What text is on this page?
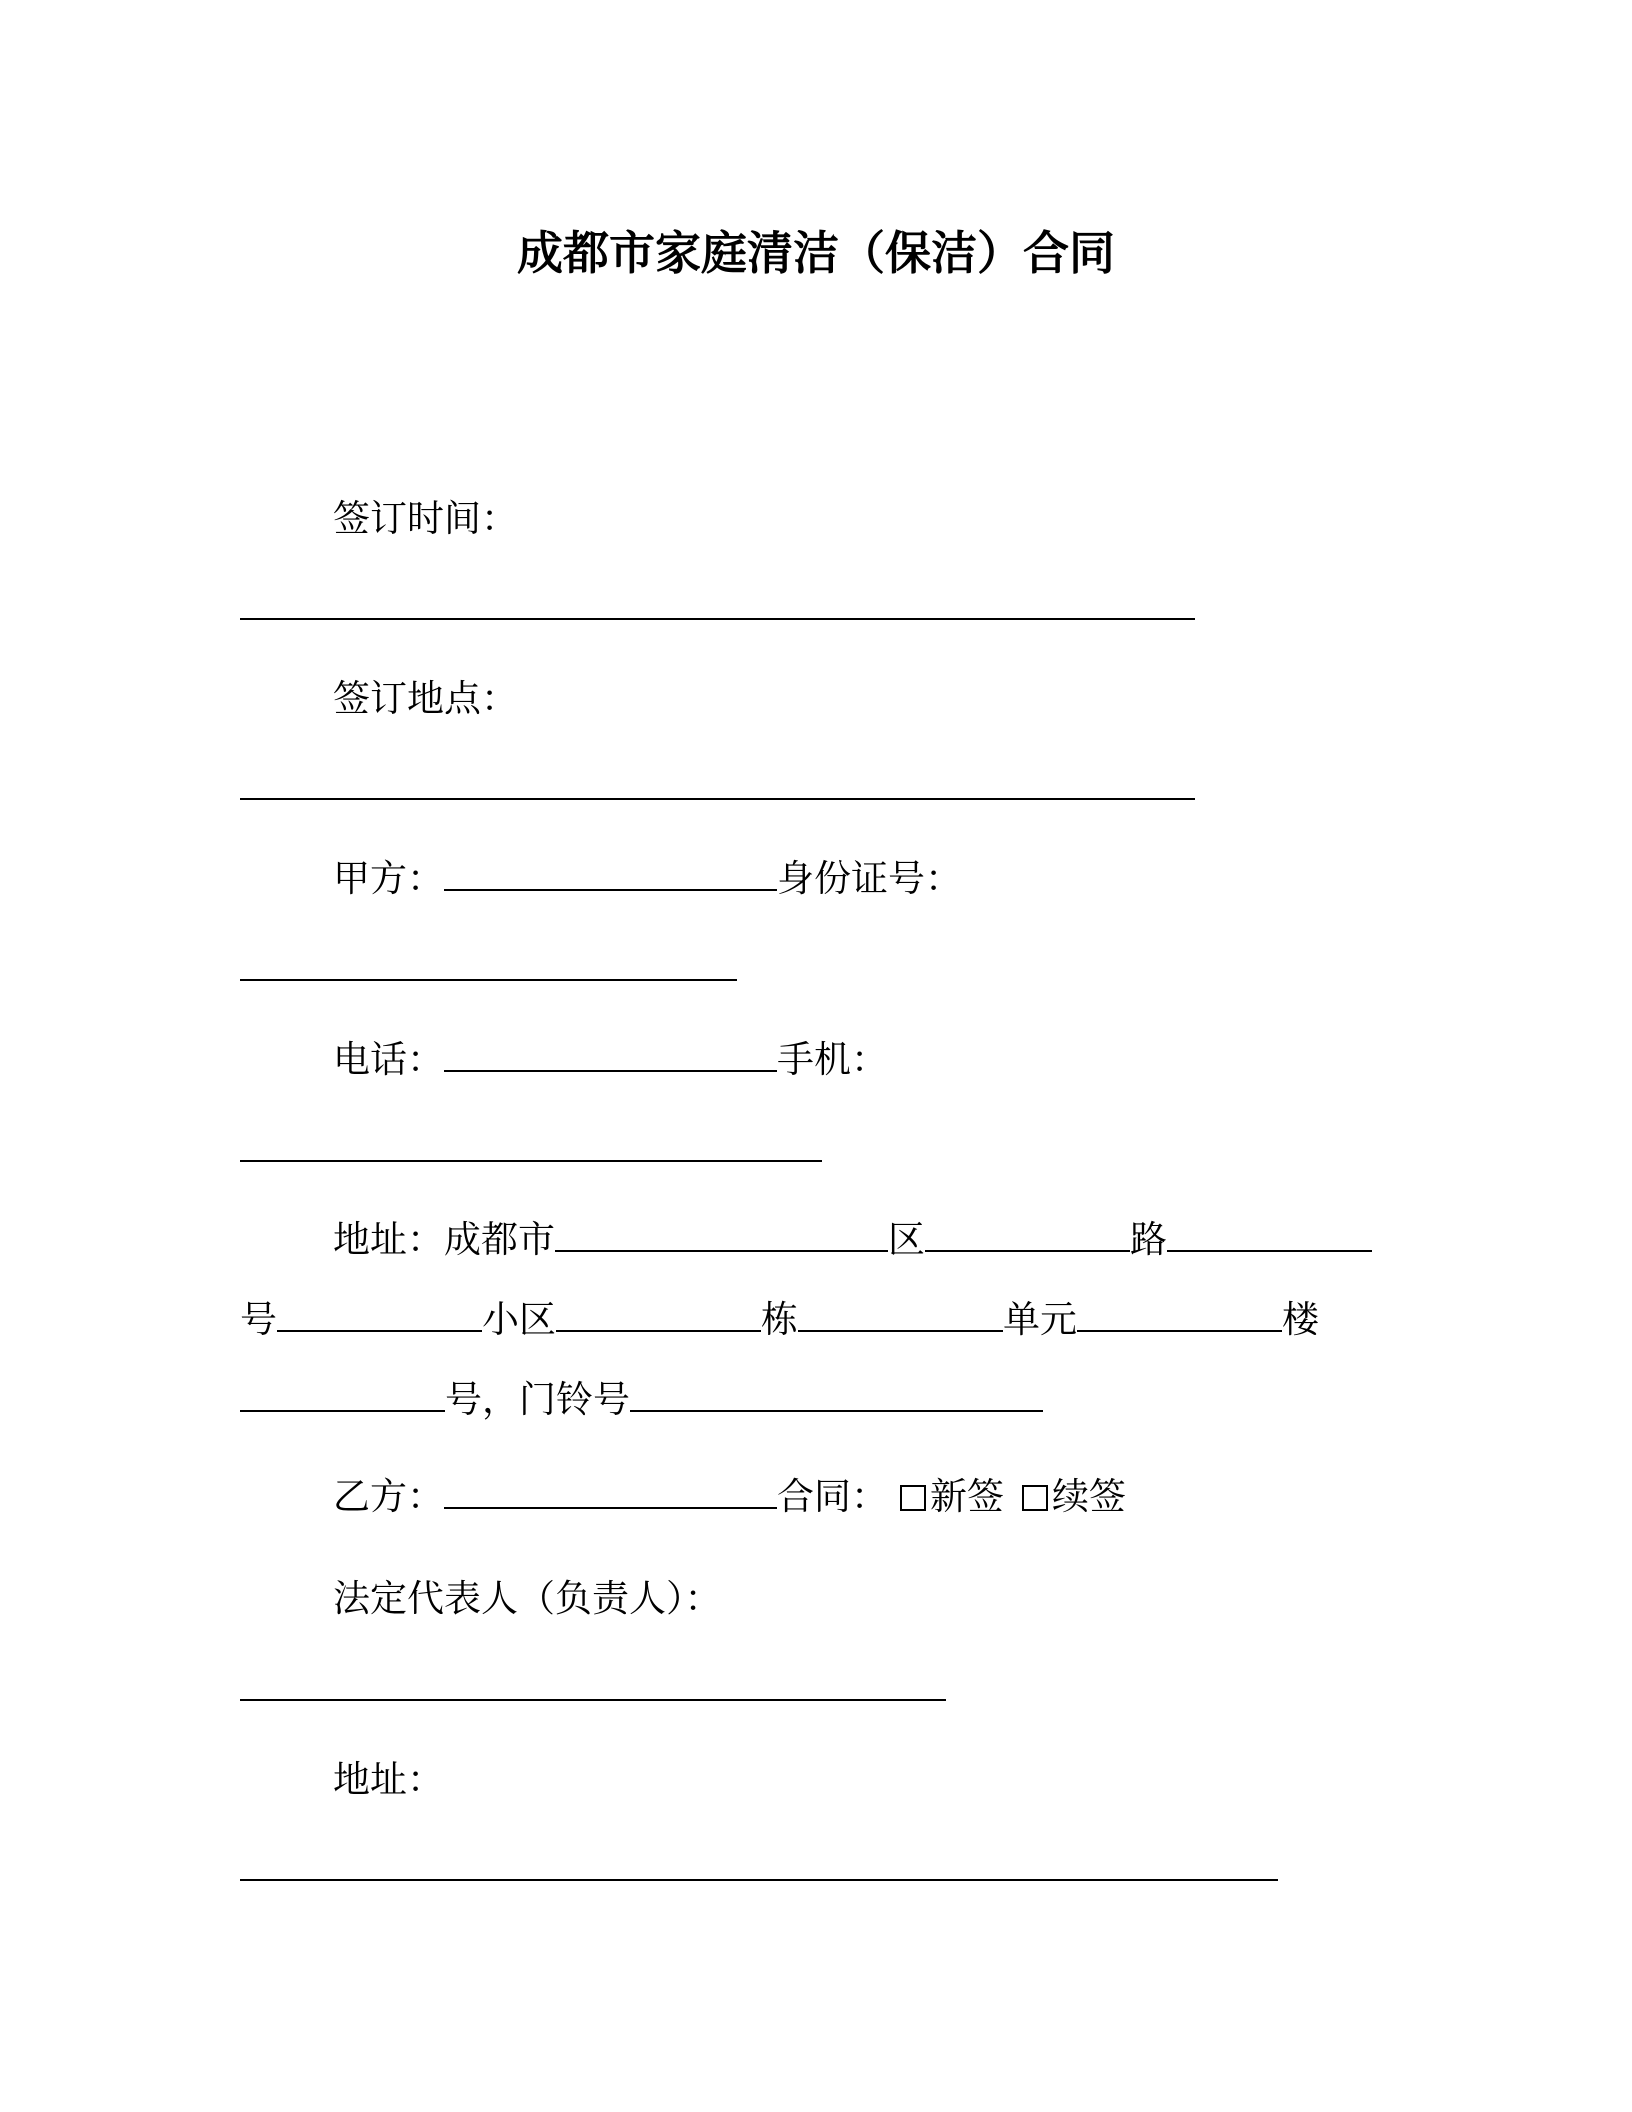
成都市家庭清洁（保洁）合同
签订时间：
签订地点：
甲方：	身份证号：
电话：	手机：
地址：成都市	区	路
号	小区	栋	单元	楼
号，门铃号
乙方：	合同： 新签 续签
法定代表人（负责人）：
地址：
